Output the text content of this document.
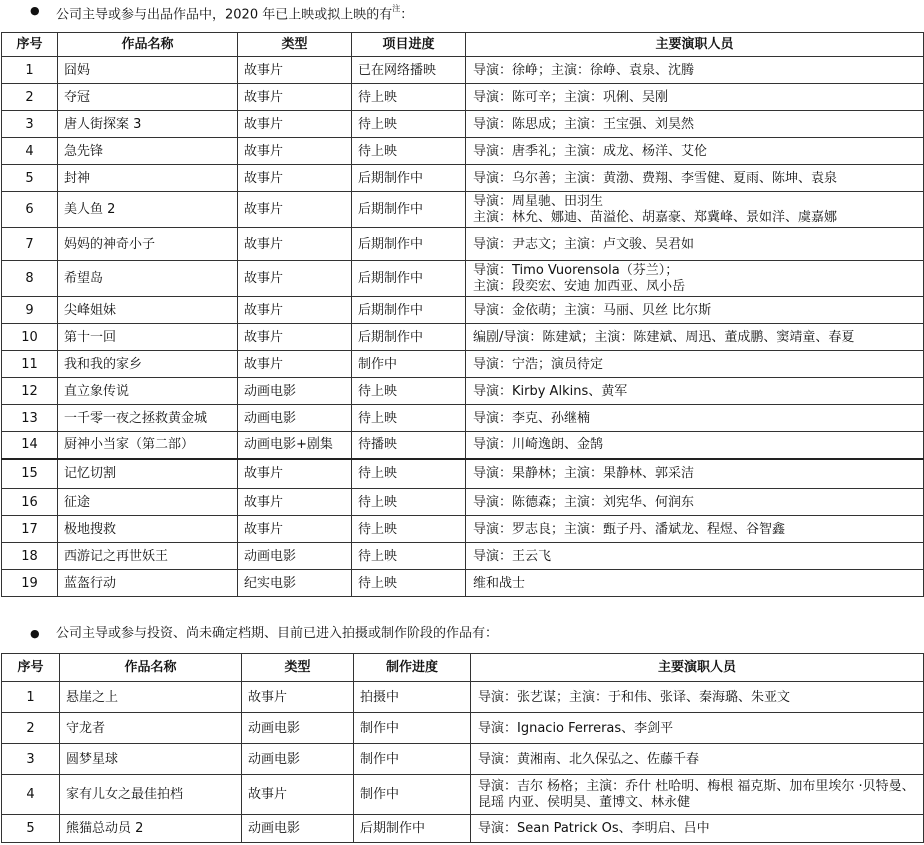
● 公司主导或参与出品作品中，2020 年已上映或拟上映的有$^注$：
序号	作品名称	类型	项目进度	主要演职人员
1	囧妈	故事片	已在网络播映	导演：徐峥；主演：徐峥、袁泉、沈腾

2	夺冠	故事片	待上映	导演：陈可辛；主演：巩俐、吴刚

3	唐人街探案 3	故事片	待上映	导演：陈思成；主演：王宝强、刘昊然

4	急先锋	故事片	待上映	导演：唐季礼；主演：成龙、杨洋、艾伦

5	封神	故事片	后期制作中	导演：乌尔善；主演：黄渤、费翔、李雪健、夏雨、陈坤、袁泉

6	美人鱼 2	故事片	后期制作中	导演：周星驰、田羽生
主演：林允、娜迪、苗溢伦、胡嘉豪、郑冀峰、景如洋、虞嘉娜

7	妈妈的神奇小子	故事片	后期制作中	导演：尹志文；主演：卢文骏、吴君如

8	希望岛	故事片	后期制作中	导演：Timo Vuorensola（芬兰）；
主演：段奕宏、安迪 加西亚、凤小岳

9	尖峰姐妹	故事片	后期制作中	导演：金依萌；主演：马丽、贝丝 比尔斯

10	第十一回	故事片	后期制作中	编剧/导演：陈建斌；主演：陈建斌、周迅、董成鹏、窦靖童、春夏

11	我和我的家乡	故事片	制作中	导演：宁浩；演员待定

12	直立象传说	动画电影	待上映	导演：Kirby Alkins、黄军

13	一千零一夜之拯救黄金城	动画电影	待上映	导演：李克、孙继楠

14	厨神小当家（第二部）	动画电影+剧集	待播映	导演：川崎逸朗、金鹄

15	记忆切割	故事片	待上映	导演：果静林；主演：果静林、郭采洁

16	征途	故事片	待上映	导演：陈德森；主演：刘宪华、何润东

17	极地搜救	故事片	待上映	导演：罗志良；主演：甄子丹、潘斌龙、程煜、谷智鑫

18	西游记之再世妖王	动画电影	待上映	导演：王云飞

19	蓝盔行动	纪实电影	待上映	维和战士
● 公司主导或参与投资、尚未确定档期、目前已进入拍摄或制作阶段的作品有：
序号	作品名称	类型	制作进度	主要演职人员
1	悬崖之上	故事片	拍摄中	导演：张艺谋；主演：于和伟、张译、秦海璐、朱亚文

2	守龙者	动画电影	制作中	导演：Ignacio Ferreras、李剑平

3	圆梦星球	动画电影	制作中	导演：黄湘南、北久保弘之、佐藤千春

4	家有儿女之最佳拍档	故事片	制作中	导演：吉尔 杨格；主演：乔什 杜哈明、梅根 福克斯、加布里埃尔 ·贝特曼、昆瑶 内亚、侯明昊、董博文、林永健

5	熊猫总动员 2	动画电影	后期制作中	导演：Sean Patrick Os、李明启、吕中
